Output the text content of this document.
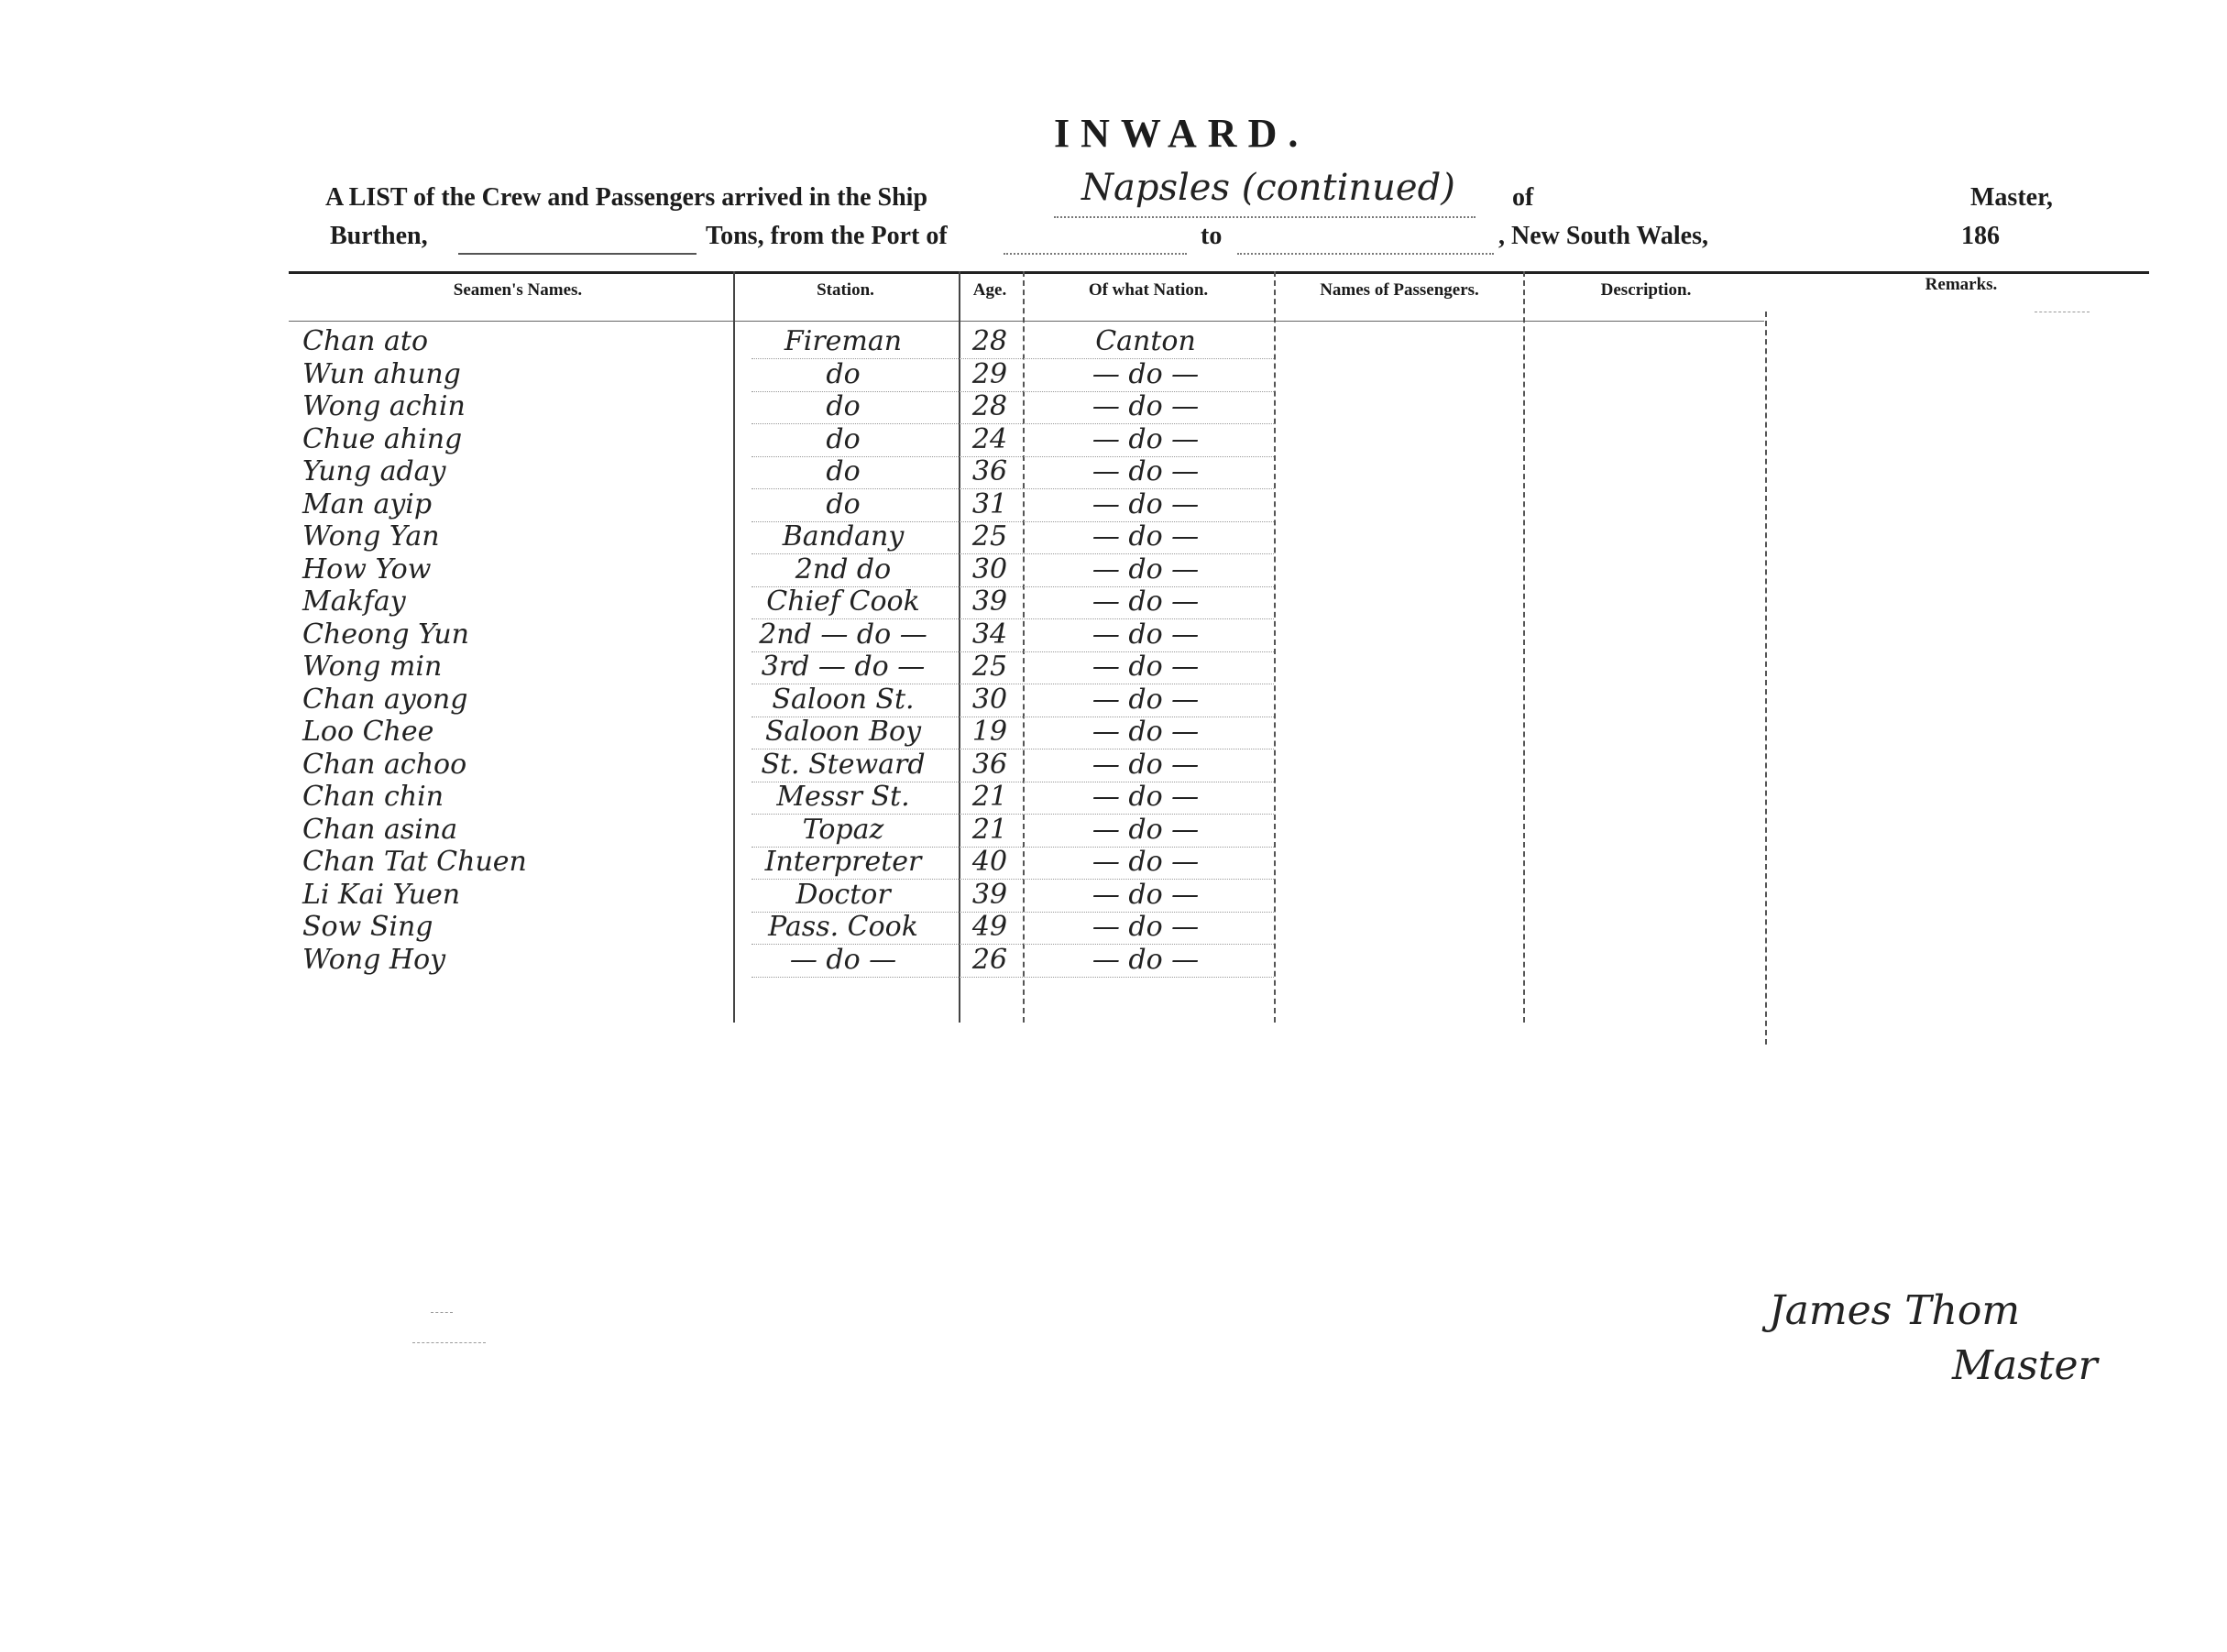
INWARD.
A LIST of the Crew and Passengers arrived in the Ship	Napsles (continued) of	Master,
Burthen,	Tons, from the Port of	to	, New South Wales,	186
Seamen's Names.	Station.	Age.	Of what Nation.	Names of Passengers.	Description.	Remarks.
Chan ato	Fireman	28	Canton
Wun ahung	do	29	— do —
Wong achin	do	28	— do —
Chue ahing	do	24	— do —
Yung aday	do	36	— do —
Man ayip	do	31	— do —
Wong Yan	Bandany	25	— do —
How Yow	2nd do	30	— do —
Makfay	Chief Cook	39	— do —
Cheong Yun	2nd — do —	34	— do —
Wong min	3rd — do —	25	— do —
Chan ayong	Saloon St.	30	— do —
Loo Chee	Saloon Boy	19	— do —
Chan achoo	St. Steward	36	— do —
Chan chin	Messr St.	21	— do —
Chan asina	Topaz	21	— do —
Chan Tat Chuen	Interpreter	40	— do —
Li Kai Yuen	Doctor	39	— do —
Sow Sing	Pass. Cook	49	— do —
Wong Hoy	— do —	26	— do —
James Thom
Master
